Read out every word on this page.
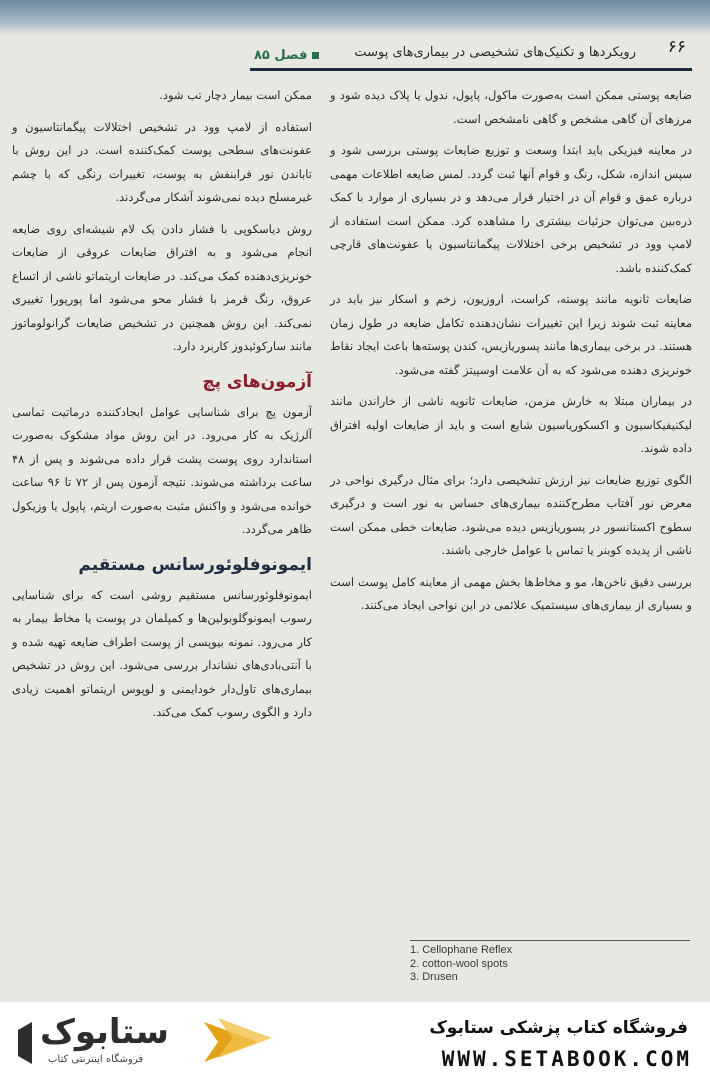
۶۶
رویکردها و تکنیک‌های تشخیصی در بیماری‌های پوست
فصل ۸۵

ضایعه پوستی ممکن است به‌صورت ماکول، پاپول، ندول یا پلاک دیده شود و مرزهای آن گاهی مشخص و گاهی نامشخص است.

در معاینه فیزیکی باید ابتدا وسعت و توزیع ضایعات پوستی بررسی شود و سپس اندازه، شکل، رنگ و قوام آنها ثبت گردد. لمس ضایعه اطلاعات مهمی درباره عمق و قوام آن در اختیار قرار می‌دهد و در بسیاری از موارد با کمک ذره‌بین می‌توان جزئیات بیشتری را مشاهده کرد. ممکن است استفاده از لامپ وود در تشخیص برخی اختلالات پیگمانتاسیون یا عفونت‌های قارچی کمک‌کننده باشد.

ضایعات ثانویه مانند پوسته، کراست، اروزیون، زخم و اسکار نیز باید در معاینه ثبت شوند زیرا این تغییرات نشان‌دهنده تکامل ضایعه در طول زمان هستند. در برخی بیماری‌ها مانند پسوریازیس، کندن پوسته‌ها باعث ایجاد نقاط خونریزی دهنده می‌شود که به آن علامت اوسپیتز گفته می‌شود.

در بیماران مبتلا به خارش مزمن، ضایعات ثانویه ناشی از خاراندن مانند لیکنیفیکاسیون و اکسکوریاسیون شایع است و باید از ضایعات اولیه افتراق داده شوند.

الگوی توزیع ضایعات نیز ارزش تشخیصی دارد؛ برای مثال درگیری نواحی در معرض نور آفتاب مطرح‌کننده بیماری‌های حساس به نور است و درگیری سطوح اکستانسور در پسوریازیس دیده می‌شود. ضایعات خطی ممکن است ناشی از پدیده کوبنر یا تماس با عوامل خارجی باشند.

بررسی دقیق ناخن‌ها، مو و مخاط‌ها بخش مهمی از معاینه کامل پوست است و بسیاری از بیماری‌های سیستمیک علائمی در این نواحی ایجاد می‌کنند.

ممکن است بیمار دچار تب شود.

استفاده از لامپ وود در تشخیص اختلالات پیگمانتاسیون و عفونت‌های سطحی پوست کمک‌کننده است. در این روش با تاباندن نور فرابنفش به پوست، تغییرات رنگی که با چشم غیرمسلح دیده نمی‌شوند آشکار می‌گردند.

روش دیاسکوپی با فشار دادن یک لام شیشه‌ای روی ضایعه انجام می‌شود و به افتراق ضایعات عروقی از ضایعات خونریزی‌دهنده کمک می‌کند. در ضایعات اریتماتو ناشی از اتساع عروق، رنگ قرمز با فشار محو می‌شود اما پورپورا تغییری نمی‌کند. این روش همچنین در تشخیص ضایعات گرانولوماتوز مانند سارکوئیدوز کاربرد دارد.

آزمون‌های پچ

آزمون پچ برای شناسایی عوامل ایجادکننده درماتیت تماسی آلرژیک به کار می‌رود. در این روش مواد مشکوک به‌صورت استاندارد روی پوست پشت قرار داده می‌شوند و پس از ۴۸ ساعت برداشته می‌شوند. نتیجه آزمون پس از ۷۲ تا ۹۶ ساعت خوانده می‌شود و واکنش مثبت به‌صورت اریتم، پاپول یا وزیکول ظاهر می‌گردد.

ایمونوفلوئورسانس مستقیم

ایمونوفلوئورسانس مستقیم روشی است که برای شناسایی رسوب ایمونوگلوبولین‌ها و کمپلمان در پوست یا مخاط بیمار به کار می‌رود. نمونه بیوپسی از پوست اطراف ضایعه تهیه شده و با آنتی‌بادی‌های نشاندار بررسی می‌شود. این روش در تشخیص بیماری‌های تاول‌دار خودایمنی و لوپوس اریتماتو اهمیت زیادی دارد و الگوی رسوب کمک می‌کند.

1. Cellophane Reflex
2. cotton-wool spots
3. Drusen
ستابوک
فروشگاه اینترنتی کتاب
فروشگاه کتاب پزشکی ستابوک
WWW.SETABOOK.COM
